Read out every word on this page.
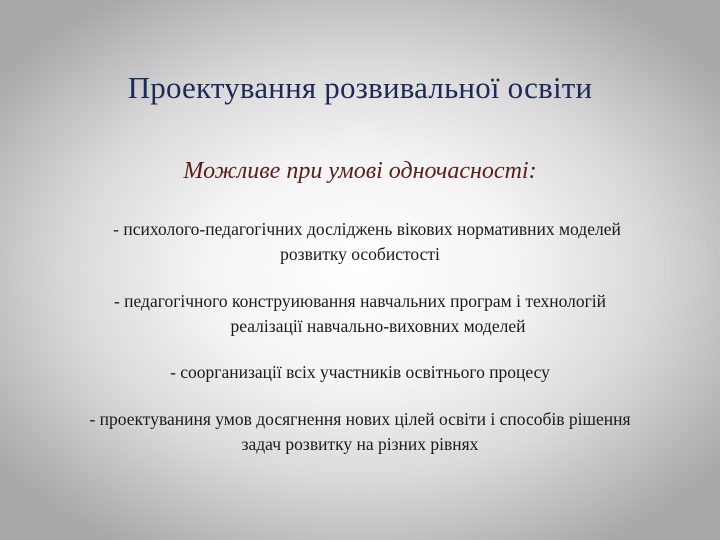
Проектування розвивальної освіти
Можливе при умові одночасності:
- психолого-педагогічних досліджень вікових нормативних моделей
розвитку особистості
- педагогічного конструиювання навчальних програм і технологій
реалізації навчально-виховних моделей
- соорганизації всіх участників освітнього процесу
- проектуваниня умов досягнення нових цілей освіти і способів рішення
задач розвитку на різних рівнях
